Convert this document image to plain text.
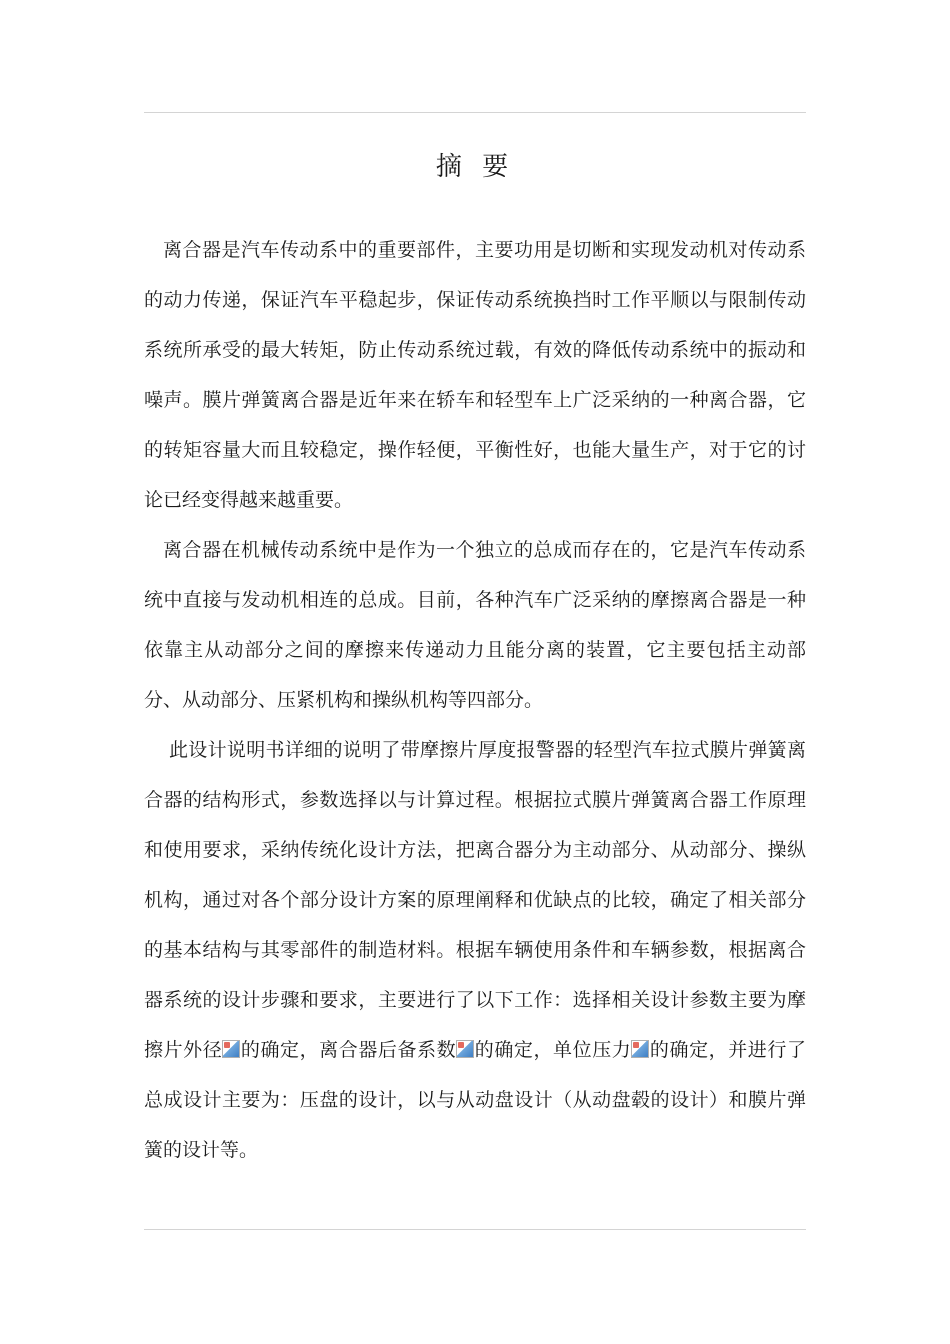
摘 要

离合器是汽车传动系中的重要部件，主要功用是切断和实现发动机对传动系的动力传递，保证汽车平稳起步，保证传动系统换挡时工作平顺以与限制传动系统所承受的最大转矩，防止传动系统过载，有效的降低传动系统中的振动和噪声。膜片弹簧离合器是近年来在轿车和轻型车上广泛采纳的一种离合器，它的转矩容量大而且较稳定，操作轻便，平衡性好，也能大量生产，对于它的讨论已经变得越来越重要。

离合器在机械传动系统中是作为一个独立的总成而存在的，它是汽车传动系统中直接与发动机相连的总成。目前，各种汽车广泛采纳的摩擦离合器是一种依靠主从动部分之间的摩擦来传递动力且能分离的装置，它主要包括主动部分、从动部分、压紧机构和操纵机构等四部分。

此设计说明书详细的说明了带摩擦片厚度报警器的轻型汽车拉式膜片弹簧离合器的结构形式，参数选择以与计算过程。根据拉式膜片弹簧离合器工作原理和使用要求，采纳传统化设计方法，把离合器分为主动部分、从动部分、操纵机构，通过对各个部分设计方案的原理阐释和优缺点的比较，确定了相关部分的基本结构与其零部件的制造材料。根据车辆使用条件和车辆参数，根据离合器系统的设计步骤和要求，主要进行了以下工作：选择相关设计参数主要为摩擦片外径 的确定，离合器后备系数 的确定，单位压力 的确定，并进行了总成设计主要为：压盘的设计，以与从动盘设计（从动盘毂的设计）和膜片弹簧的设计等。
